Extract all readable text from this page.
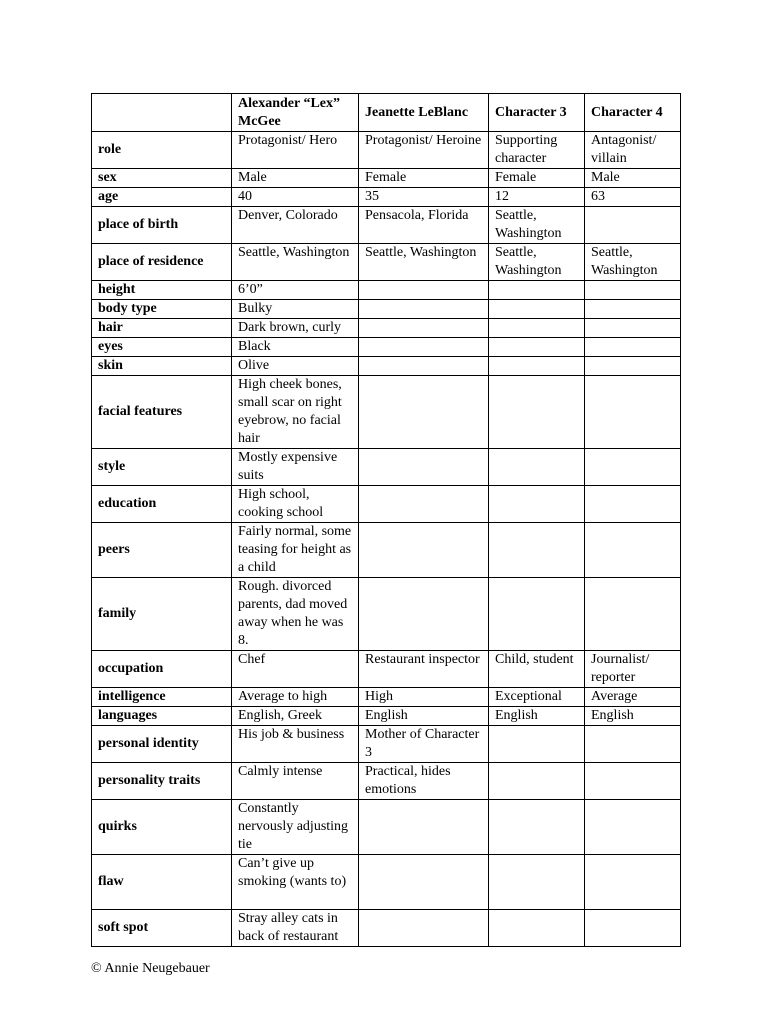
	Alexander “Lex” McGee	Jeanette LeBlanc	Character 3	Character 4
role	Protagonist/ Hero	Protagonist/ Heroine	Supporting character	Antagonist/ villain
sex	Male	Female	Female	Male
age	40	35	12	63
place of birth	Denver, Colorado	Pensacola, Florida	Seattle, Washington	
place of residence	Seattle, Washington	Seattle, Washington	Seattle, Washington	Seattle, Washington
height	6’0”			
body type	Bulky			
hair	Dark brown, curly			
eyes	Black			
skin	Olive			
facial features	High cheek bones, small scar on right eyebrow, no facial hair			
style	Mostly expensive suits			
education	High school, cooking school			
peers	Fairly normal, some teasing for height as a child			
family	Rough. divorced parents, dad moved away when he was 8.			
occupation	Chef	Restaurant inspector	Child, student	Journalist/ reporter
intelligence	Average to high	High	Exceptional	Average
languages	English, Greek	English	English	English
personal identity	His job & business	Mother of Character 3		
personality traits	Calmly intense	Practical, hides emotions		
quirks	Constantly nervously adjusting tie			
flaw	Can’t give up smoking (wants to)			
soft spot	Stray alley cats in back of restaurant			
© Annie Neugebauer
